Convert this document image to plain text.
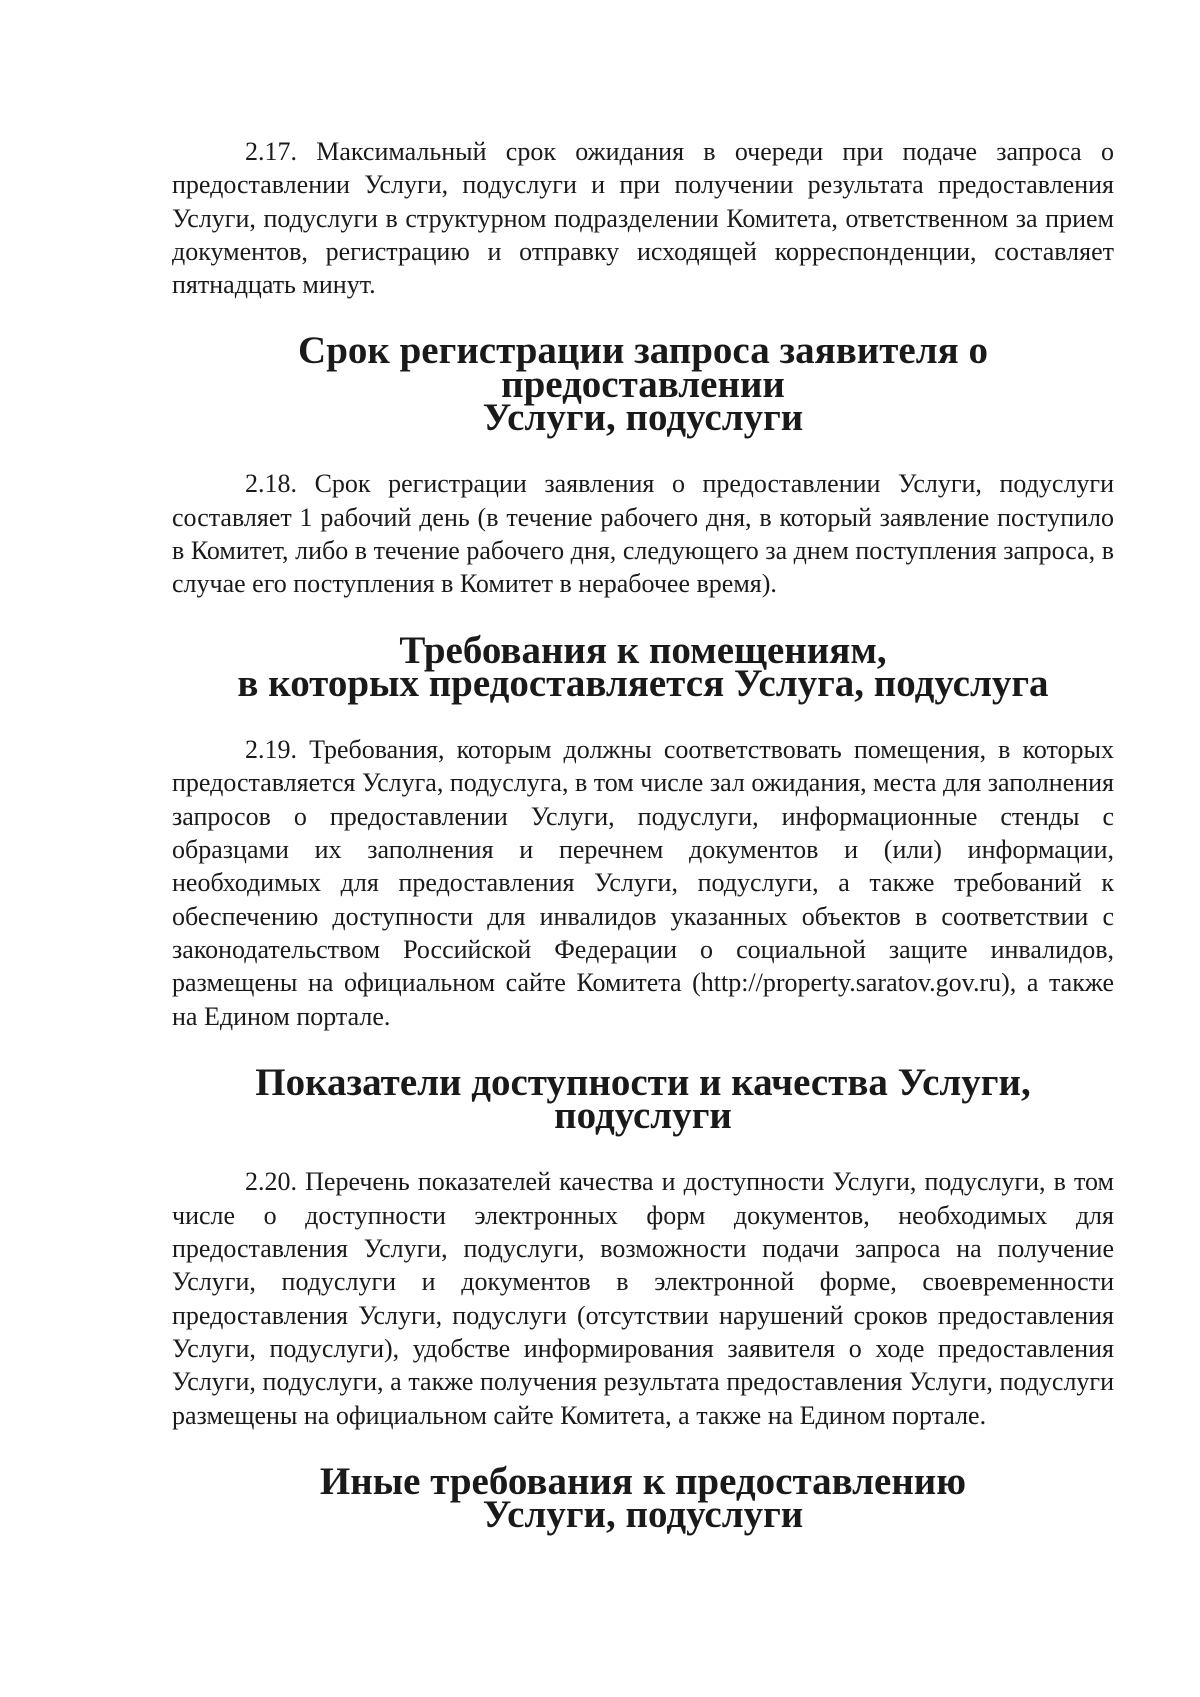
2.17. Максимальный срок ожидания в очереди при подаче запроса о предоставлении Услуги, подуслуги и при получении результата предоставления Услуги, подуслуги в структурном подразделении Комитета, ответственном за прием документов, регистрацию и отправку исходящей корреспонденции, составляет пятнадцать минут.

Срок регистрации запроса заявителя о предоставлении
Услуги, подуслуги

2.18. Срок регистрации заявления о предоставлении Услуги, подуслуги составляет 1 рабочий день (в течение рабочего дня, в который заявление поступило в Комитет, либо в течение рабочего дня, следующего за днем поступления запроса, в случае его поступления в Комитет в нерабочее время).

Требования к помещениям,
в которых предоставляется Услуга, подуслуга

2.19. Требования, которым должны соответствовать помещения, в которых предоставляется Услуга, подуслуга, в том числе зал ожидания, места для заполнения запросов о предоставлении Услуги, подуслуги, информационные стенды с образцами их заполнения и перечнем документов и (или) информации, необходимых для предоставления Услуги, подуслуги, а также требований к обеспечению доступности для инвалидов указанных объектов в соответствии с законодательством Российской Федерации о социальной защите инвалидов, размещены на официальном сайте Комитета (http://property.saratov.gov.ru), а также на Едином портале.

Показатели доступности и качества Услуги, подуслуги

2.20. Перечень показателей качества и доступности Услуги, подуслуги, в том числе о доступности электронных форм документов, необходимых для предоставления Услуги, подуслуги, возможности подачи запроса на получение Услуги, подуслуги и документов в электронной форме, своевременности предоставления Услуги, подуслуги (отсутствии нарушений сроков предоставления Услуги, подуслуги), удобстве информирования заявителя о ходе предоставления Услуги, подуслуги, а также получения результата предоставления Услуги, подуслуги размещены на официальном сайте Комитета, а также на Едином портале.

Иные требования к предоставлению
Услуги, подуслуги
